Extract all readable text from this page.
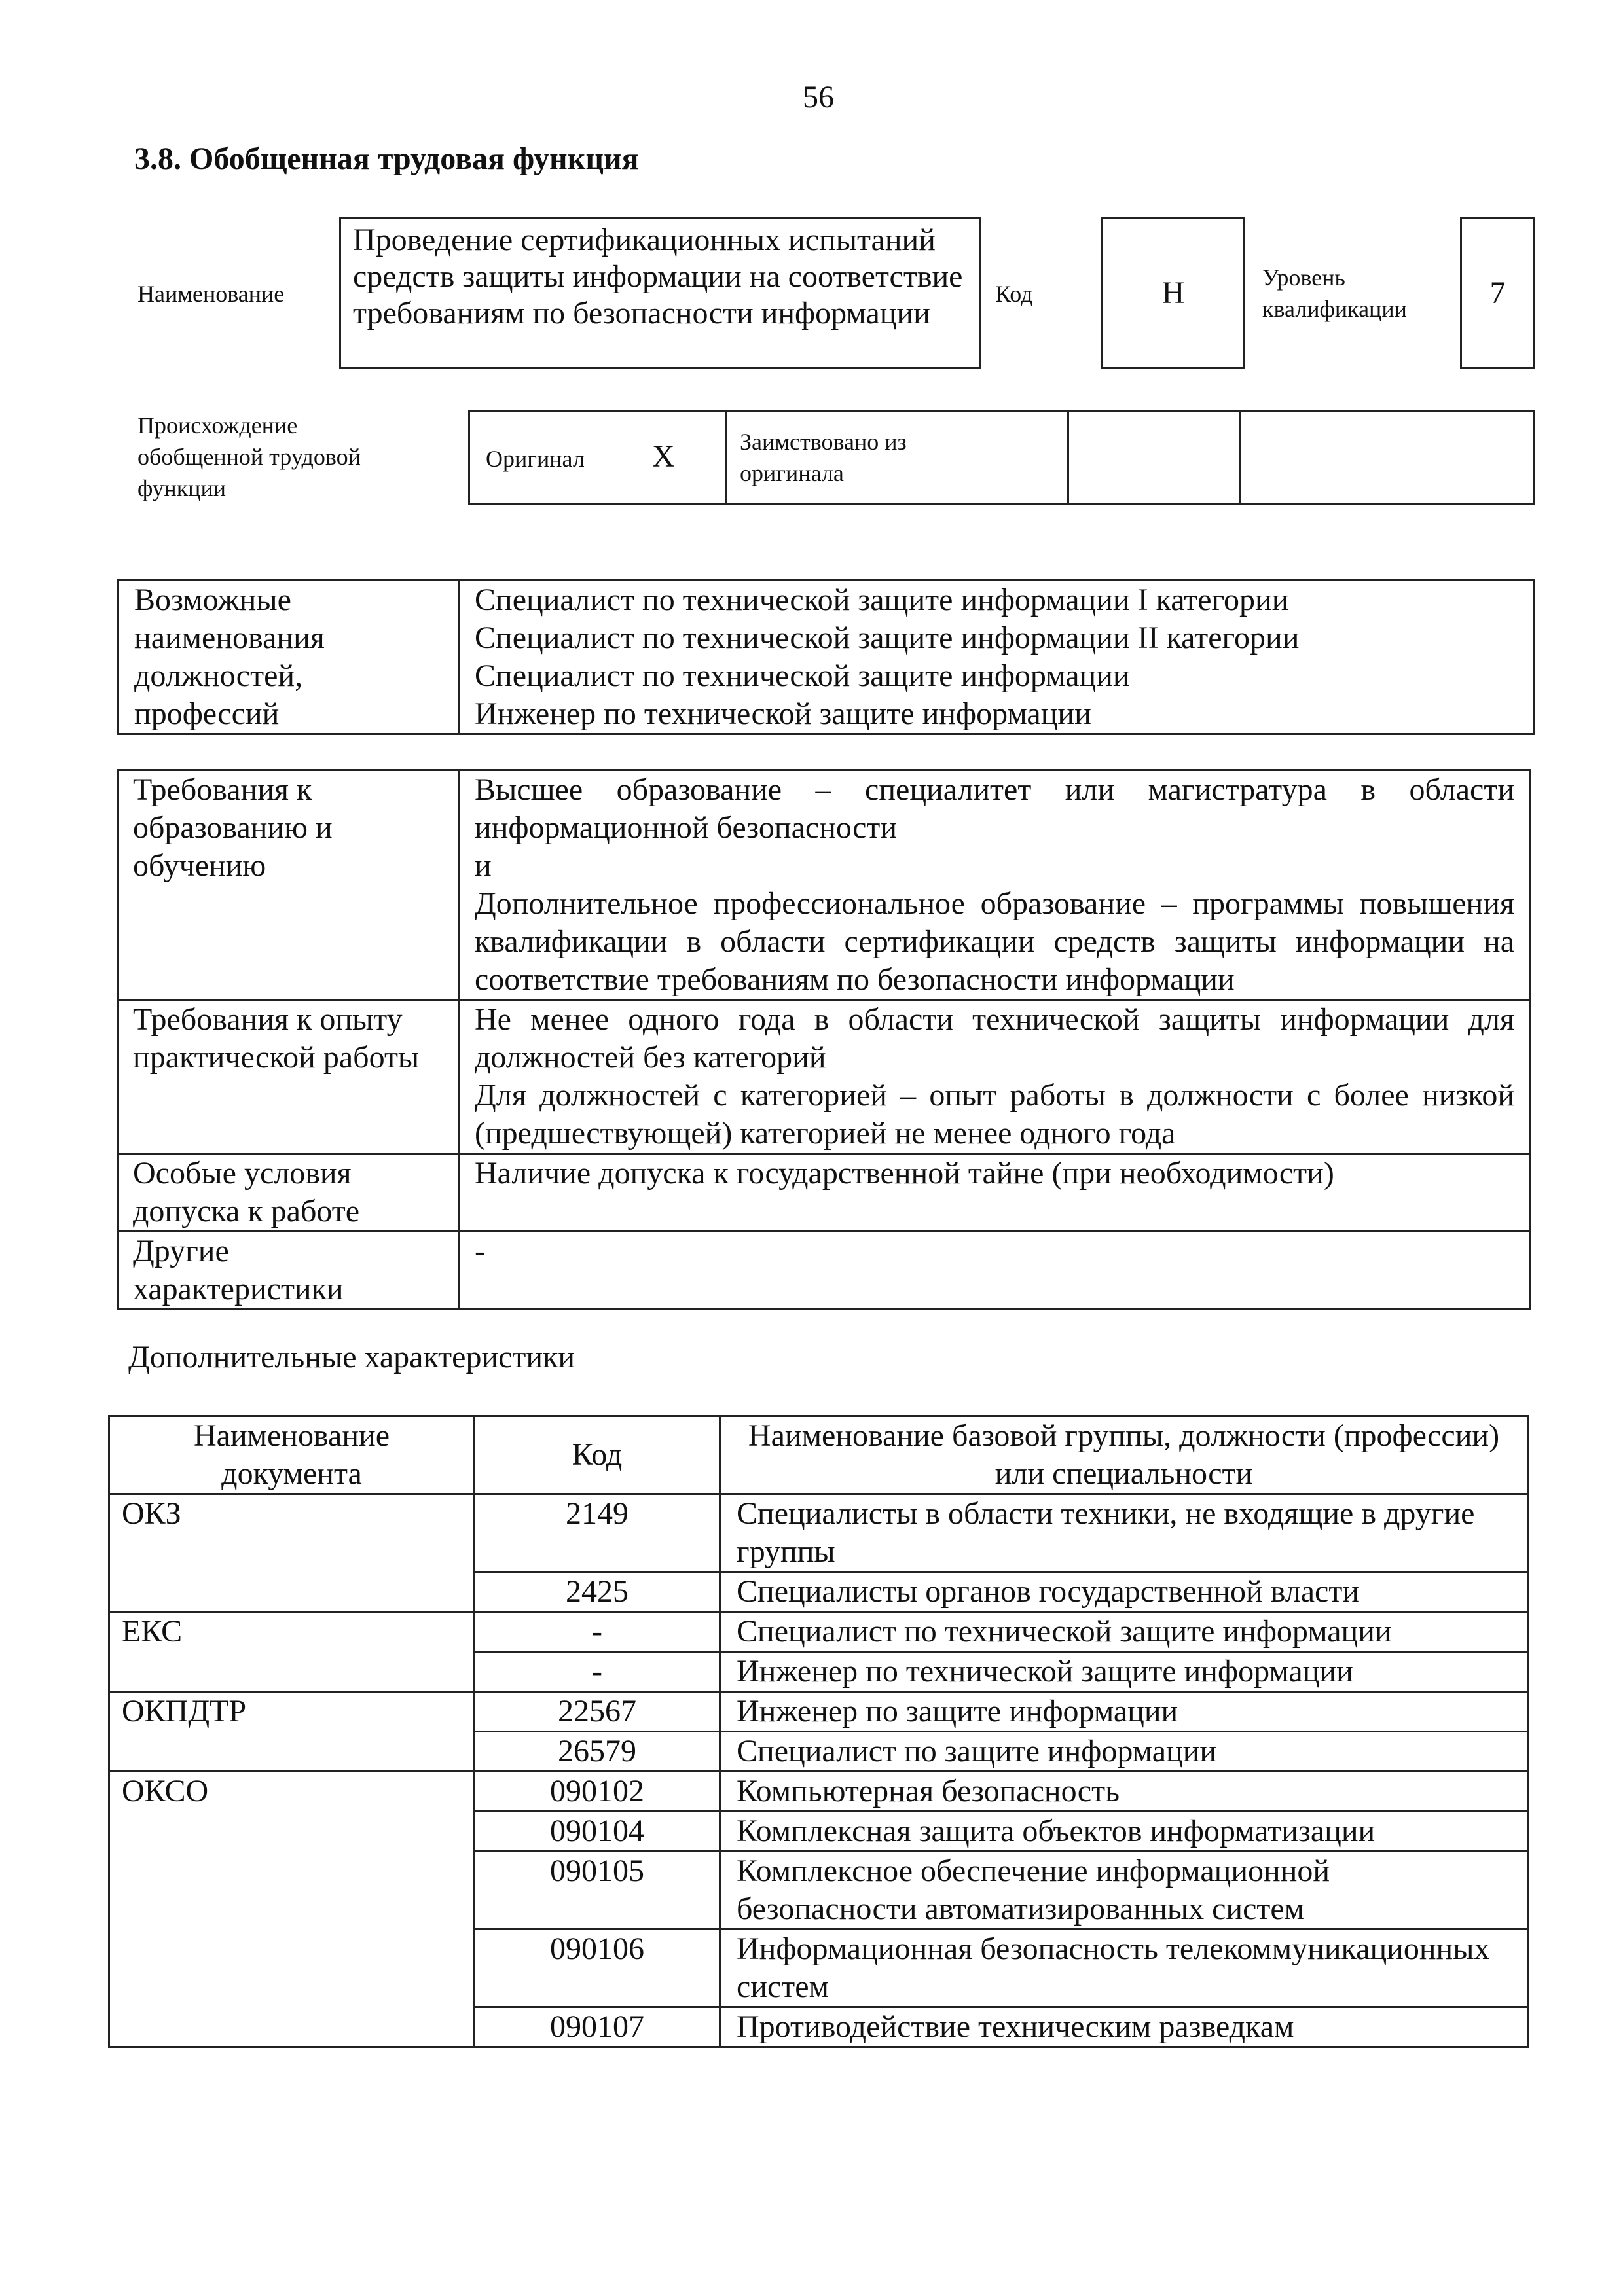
56
3.8. Обобщенная трудовая функция
Наименование
Проведение сертификационных испытаний средств защиты информации на соответствие требованиям по безопасности информации
Код	H	Уровень квалификации	7
Происхождение обобщенной трудовой функции
Оригинал X	Заимствовано из оригинала
Возможные наименования должностей, профессий	
Специалист по технической защите информации I категории
Специалист по технической защите информации II категории
Специалист по технической защите информации
Инженер по технической защите информации
Требования к образованию и обучению	Высшее образование – специалитет или магистратура в области информационной безопасности
и
Дополнительное профессиональное образование – программы повышения квалификации в области сертификации средств защиты информации на соответствие требованиям по безопасности информации

Требования к опыту практической работы	Не менее одного года в области технической защиты информации для должностей без категорий
Для должностей с категорией – опыт работы в должности с более низкой (предшествующей) категорией не менее одного года

Особые условия допуска к работе	Наличие допуска к государственной тайне (при необходимости)

Другие характеристики	-
Дополнительные характеристики
Наименование документа	Код	Наименование базовой группы, должности (профессии) или специальности
ОКЗ	2149	Специалисты в области техники, не входящие в другие группы
	2425	Специалисты органов государственной власти
ЕКС	-	Специалист по технической защите информации
	-	Инженер по технической защите информации
ОКПДТР	22567	Инженер по защите информации
	26579	Специалист по защите информации
ОКСО	090102	Компьютерная безопасность
	090104	Комплексная защита объектов информатизации
	090105	Комплексное обеспечение информационной безопасности автоматизированных систем
	090106	Информационная безопасность телекоммуникационных систем
	090107	Противодействие техническим разведкам
